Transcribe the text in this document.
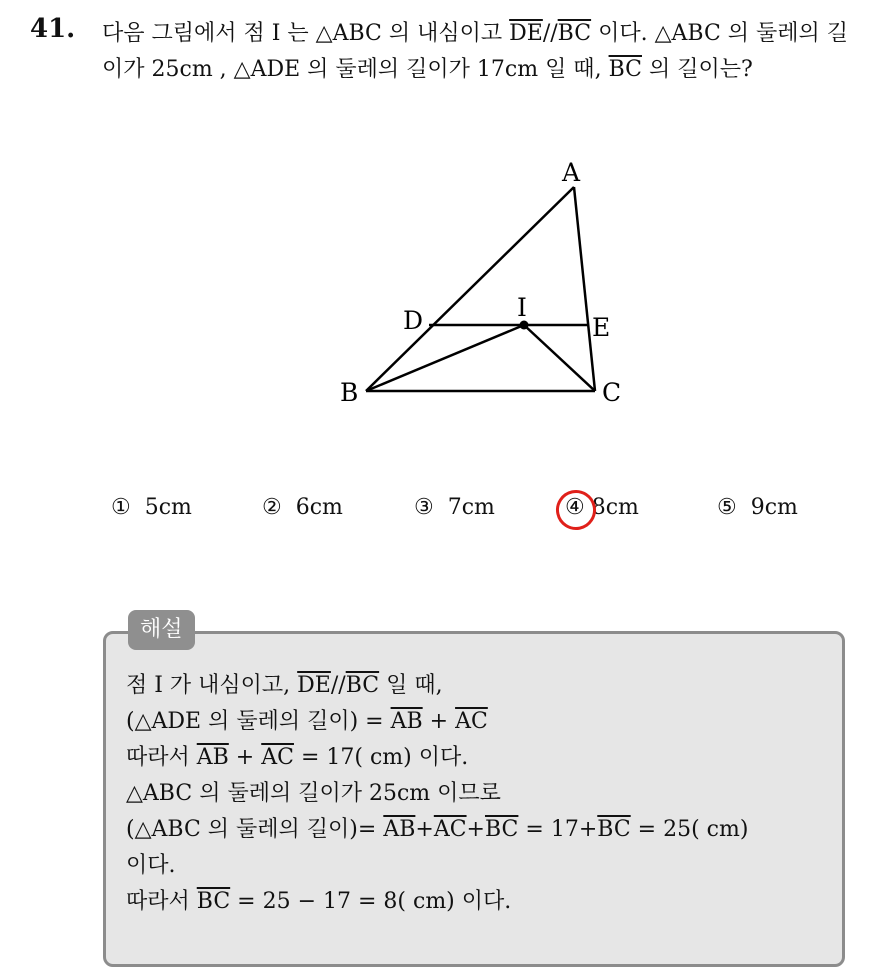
41. 다음 그림에서 점 I 는 △ABC 의 내심이고 $\overline{DE}//\overline{BC}$ 이다. △ABC 의 둘레의 길이가 25cm , △ADE 의 둘레의 길이가 17cm 일 때, $\overline{BC}$ 의 길이는?
A
B	C
D	E
I
① 5cm	② 6cm	③ 7cm	④ 8cm	⑤ 9cm
해설
점 I 가 내심이고, $\overline{DE}//\overline{BC}$ 일 때,
(△ADE 의 둘레의 길이) = $\overline{AB} + \overline{AC}$
따라서 $\overline{AB} + \overline{AC} = 17$( cm) 이다.
△ABC 의 둘레의 길이가 25cm 이므로
(△ABC 의 둘레의 길이)= $\overline{AB}+\overline{AC}+\overline{BC} = 17+\overline{BC} = 25$( cm)
이다.
따라서 $\overline{BC} = 25 - 17 = 8$( cm) 이다.
